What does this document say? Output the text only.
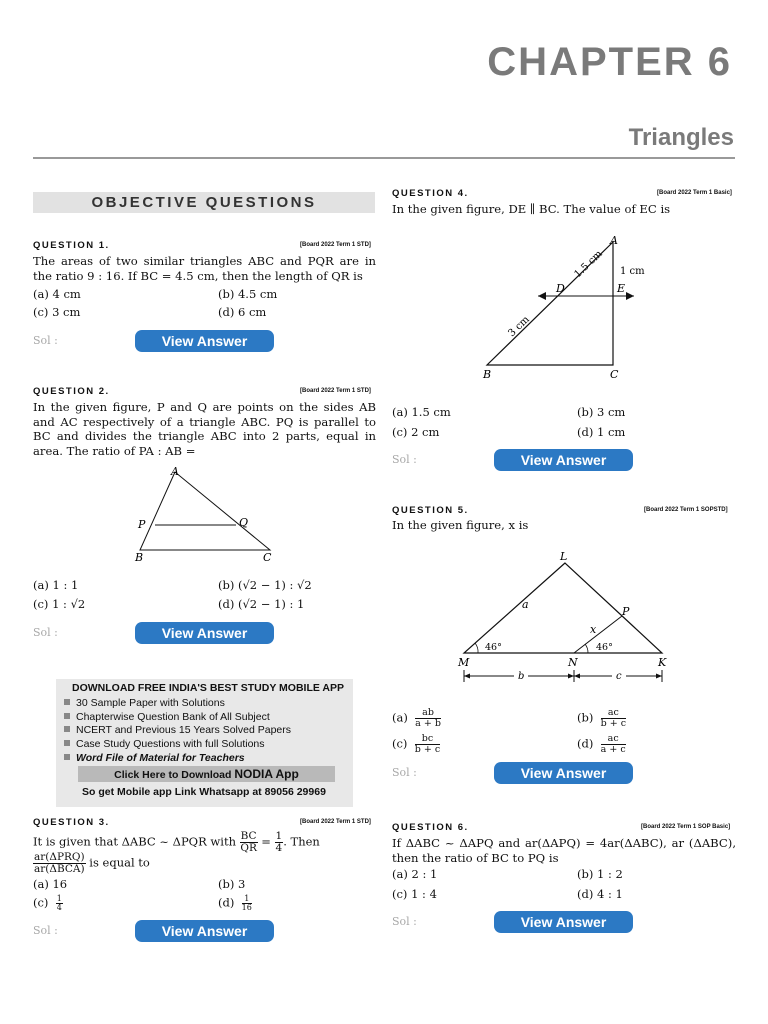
CHAPTER 6
Triangles
OBJECTIVE QUESTIONS
QUESTION 1.	[Board 2022 Term 1 STD]
The areas of two similar triangles ABC and PQR are in the ratio 9 : 16. If BC = 4.5 cm, then the length of QR is
(a) 4 cm	(b) 4.5 cm
(c) 3 cm	(d) 6 cm
Sol :	View Answer
QUESTION 2.	[Board 2022 Term 1 STD]
In the given figure, P and Q are points on the sides AB and AC respectively of a triangle ABC. PQ is parallel to BC and divides the triangle ABC into 2 parts, equal in area. The ratio of PA : AB =
A
P	Q
B	C
(a) 1 : 1	(b) (√2 − 1) : √2
(c) 1 : √2	(d) (√2 − 1) : 1
Sol :	View Answer
DOWNLOAD FREE INDIA'S BEST STUDY MOBILE APP
30 Sample Paper with Solutions
Chapterwise Question Bank of All Subject
NCERT and Previous 15 Years Solved Papers
Case Study Questions with full Solutions
Word File of Material for Teachers
Click Here to Download NODIA App
So get Mobile app Link Whatsapp at 89056 29969
QUESTION 3.	[Board 2022 Term 1 STD]
It is given that ΔABC ~ ΔPQR with $\frac{BC}{QR} = \frac{1}{4}$ . Then
$\frac{\text{ar(ΔPRQ)}}{\text{ar(ΔBCA)}}$ is equal to
(a) 16	(b) 3
$(c) \frac{1}{4}$	$(d) \frac{1}{16}$
Sol :	View Answer
QUESTION 4.	[Board 2022 Term 1 Basic]
In the given figure, DE ∥ BC. The value of EC is
A
D	E
B	C
1.5 cm 1 cm
3 cm
(a) 1.5 cm	(b) 3 cm
(c) 2 cm	(d) 1 cm
Sol :	View Answer
QUESTION 5.	[Board 2022 Term 1 SOPSTD]
In the given figure, x is
L
P
M	N	K
a
x
46°	46°
b	c
$(a) \frac{ab}{a + b}$	$(b) \frac{ac}{b + c}$
$(c) \frac{bc}{b + c}$	$(d) \frac{ac}{a + c}$
Sol :	View Answer
QUESTION 6.	[Board 2022 Term 1 SOP Basic]
If ΔABC ~ ΔAPQ and ar(ΔAPQ) = 4ar(ΔABC), ar (ΔABC), then the ratio of BC to PQ is
(a) 2 : 1	(b) 1 : 2
(c) 1 : 4	(d) 4 : 1
Sol :	View Answer
